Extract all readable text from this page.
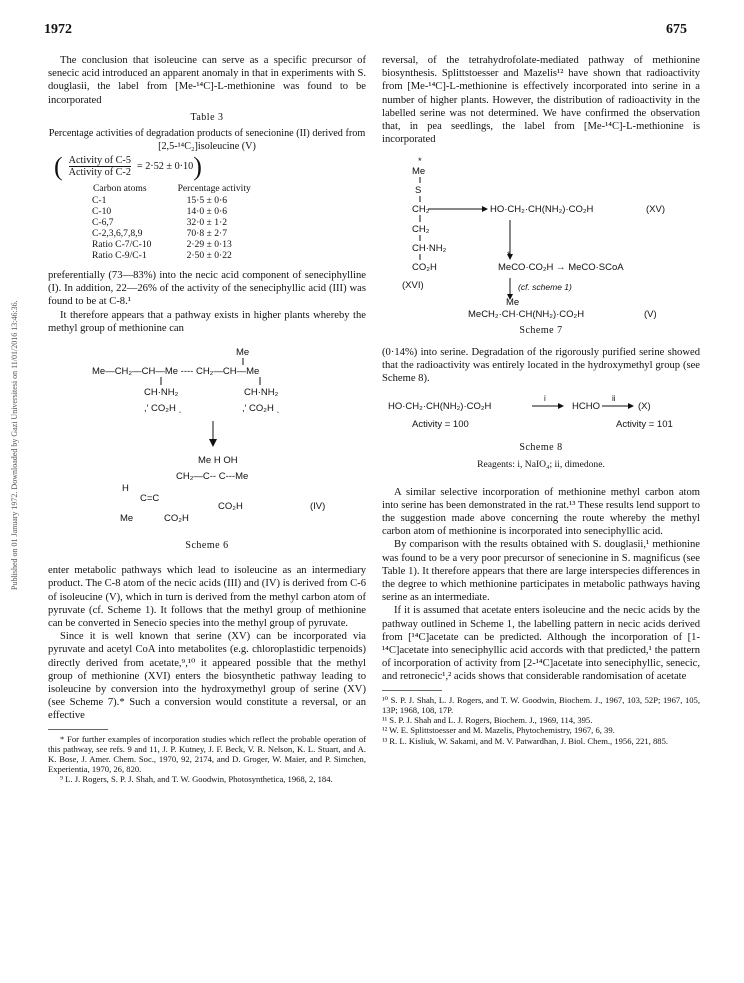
1972	675
Published on 01 January 1972. Downloaded by Gazi Universitesi on 11/01/2016 13:46:36.

The conclusion that isoleucine can serve as a specific precursor of senecic acid introduced an apparent anomaly in that in experiments with S. douglasii, the label from [Me-¹⁴C]-L-methionine was found to be incorporated

Table 3

Percentage activities of degradation products of senecionine (II) derived from [2,5-¹⁴C₂]isoleucine (V)

( $\frac{\text{Activity of C-5}}{\text{Activity of C-2}} = 2\cdot 52 \pm 0\cdot 10$ )
Carbon atoms	Percentage activity
C-1	15·5 ± 0·6
C-10	14·0 ± 0·6
C-6,7	32·0 ± 1·2
C-2,3,6,7,8,9	70·8 ± 2·7
Ratio C-7/C-10	2·29 ± 0·13
Ratio C-9/C-1	2·50 ± 0·22

preferentially (73—83%) into the necic acid component of seneciphylline (I). In addition, 22—26% of the activity of the seneciphyllic acid (III) was found to be at C-8.¹

It therefore appears that a pathway exists in higher plants whereby the methyl group of methionine can

Me
Me—CH₂—CH—Me ---- CH₂—CH—Me
CH·NH₂	CH·NH₂
,′ CO₂H ˎ	,′ CO₂H ˎ
Me H OH
CH₂—C-- C---Me
H
C=C
CO₂H
Me	CO₂H
(IV)
Scheme 6

enter metabolic pathways which lead to isoleucine as an intermediary product. The C-8 atom of the necic acids (III) and (IV) is derived from C-6 of isoleucine (V), which in turn is derived from the methyl carbon atom of pyruvate (cf. Scheme 1). It follows that the methyl group of methionine can be converted in Senecio species into the methyl group of pyruvate.

Since it is well known that serine (XV) can be incorporated via pyruvate and acetyl CoA into metabolites (e.g. chloroplastidic terpenoids) directly derived from acetate,⁹,¹⁰ it appeared possible that the methyl group of methionine (XVI) enters the biosynthetic pathway leading to isoleucine by conversion into the hydroxymethyl group of serine (XV) (see Scheme 7).* Such a conversion would constitute a reversal, or an effective

* For further examples of incorporation studies which reflect the probable operation of this pathway, see refs. 9 and 11, J. P. Kutney, J. F. Beck, V. R. Nelson, K. L. Stuart, and A. K. Bose, J. Amer. Chem. Soc., 1970, 92, 2174, and D. Groger, W. Maier, and P. Simchen, Experientia, 1970, 26, 820.

⁹ L. J. Rogers, S. P. J. Shah, and T. W. Goodwin, Photosynthetica, 1968, 2, 184.

reversal, of the tetrahydrofolate-mediated pathway of methionine biosynthesis. Splittstoesser and Mazelis¹² have shown that radioactivity from [Me-¹⁴C]-L-methionine is effectively incorporated into serine in a number of higher plants. However, the distribution of radioactivity in the labelled serine was not determined. We have confirmed the observation that, in pea seedlings, the label from [Me-¹⁴C]-L-methionine is incorporated

*
Me
S
CH₂
CH₂
CH·NH₂
CO₂H
*
Me
HO·CH₂·CH(NH₂)·CO₂H	(XV)
MeCO·CO₂H → MeCO·SCoA
(XVI)	(cf. scheme 1)
MeCH₂·CH·CH(NH₂)·CO₂H	(V)
Scheme 7

(0·14%) into serine. Degradation of the rigorously purified serine showed that the radioactivity was entirely located in the hydroxymethyl group (see Scheme 8).

HO·CH₂·CH(NH₂)·CO₂H
i
HCHO
ii
(X)
Activity = 100	Activity = 101
Scheme 8
Reagents: i, NaIO₄; ii, dimedone.

A similar selective incorporation of methionine methyl carbon atom into serine has been demonstrated in the rat.¹³ These results lend support to the suggestion made above concerning the route whereby the methyl carbon atom of methionine is incorporated into seneciphyllic acid.

By comparison with the results obtained with S. douglasii,¹ methionine was found to be a very poor precursor of senecionine in S. magnificus (see Table 1). It therefore appears that there are large interspecies differences in the degree to which methionine participates in metabolic pathways having serine as an intermediate.

If it is assumed that acetate enters isoleucine and the necic acids by the pathway outlined in Scheme 1, the labelling pattern in necic acids derived from [¹⁴C]acetate can be predicted. Although the incorporation of [1-¹⁴C]acetate into seneciphyllic acid accords with that predicted,¹ the pattern of incorporation of activity from [2-¹⁴C]acetate into seneciphyllic, senecic, and retronecic¹,² acids shows that considerable randomisation of acetate

¹⁰ S. P. J. Shah, L. J. Rogers, and T. W. Goodwin, Biochem. J., 1967, 103, 52P; 1967, 105, 13P; 1968, 108, 17P.

¹¹ S. P. J. Shah and L. J. Rogers, Biochem. J., 1969, 114, 395.

¹² W. E. Splittstoesser and M. Mazelis, Phytochemistry, 1967, 6, 39.

¹³ R. L. Kisliuk, W. Sakami, and M. V. Patwardhan, J. Biol. Chem., 1956, 221, 885.
